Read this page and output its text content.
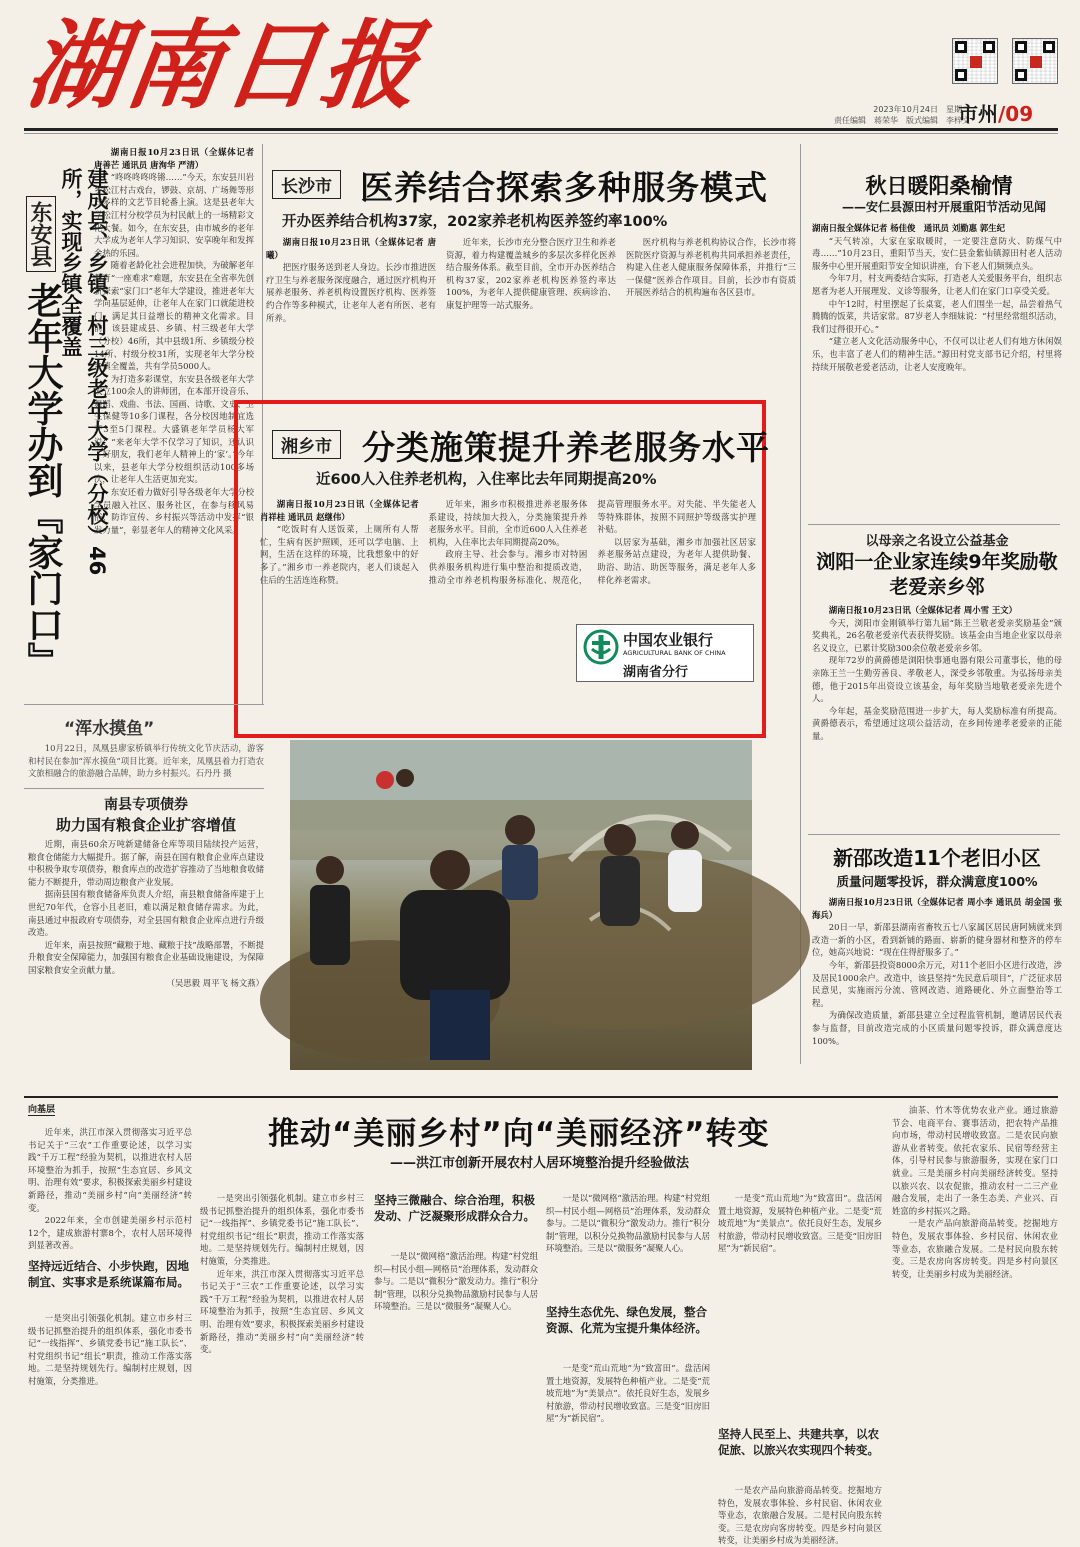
湖南日报	2023年10月24日　星期二
责任编辑　蒋荣华　版式编辑　李梓文
市州/09
建成县、乡镇、村三级老年大学（分校）46所，实现乡镇全覆盖
东安县
老年大学办到『家门口』

湖南日报10月23日讯（全媒体记者 唐善芒 通讯员 唐洵华 严清）

“咚咚咚咚咚锵……”今天，东安县川岩乡松江村古戏台，锣鼓、京胡、广场舞等形式多样的文艺节目轮番上演。这是县老年大学松江村分校学员为村民献上的一场精彩文化大餐。如今，在东安县，由市城乡的老年大学成为老年人学习知识、安享晚年和发挥余热的乐园。

随着老龄化社会进程加快，为破解老年教育“一座难求”难题，东安县在全省率先创新探索“家门口”老年大学建设，推进老年大学向基层延伸，让老年人在家门口就能进校门，满足其日益增长的精神文化需求。目前，该县建成县、乡镇、村三级老年大学（分校）46所，其中县级1所、乡镇级分校14所、村级分校31所，实现老年大学分校乡镇全覆盖，共有学员5000人。

为打造多彩课堂，东安县各级老年大学成立100余人的讲师团，在本部开设音乐、舞蹈、戏曲、书法、国画、诗歌、文史、卫生保健等10多门课程，各分校因地制宜选开3至5门课程。大盛镇老年学员杨大军说：“来老年大学不仅学习了知识，还认识了好朋友，我们老年人精神上的‘家’。”今年以来，县老年大学分校组织活动100多场次，让老年人生活更加充实。

东安还着力做好引导各级老年大学分校学员融入社区、服务社区，在参与移风易俗、防诈宣传、乡村振兴等活动中发挥“银发力量”，彰显老年人的精神文化风采。

长沙市 医养结合探索多种服务模式
开办医养结合机构37家，202家养老机构医养签约率100%

湖南日报10月23日讯（全媒体记者 唐曦）

把医疗服务送到老人身边。长沙市推进医疗卫生与养老服务深度融合，通过医疗机构开展养老服务、养老机构设置医疗机构、医养签约合作等多种模式，让老年人老有所医、老有所养。

近年来，长沙市充分整合医疗卫生和养老资源，着力构建覆盖城乡的多层次多样化医养结合服务体系。截至目前，全市开办医养结合机构37家，202家养老机构医养签约率达100%，为老年人提供健康管理、疾病诊治、康复护理等一站式服务。

医疗机构与养老机构协议合作，长沙市将医院医疗资源与养老机构共同承担养老责任，构建入住老人健康服务保障体系，并推行“三一保健”医养合作项目。目前，长沙市有资质开展医养结合的机构遍布各区县市。

湘乡市 分类施策提升养老服务水平
近600人入住养老机构，入住率比去年同期提高20%

湖南日报10月23日讯（全媒体记者 肖祥桂 通讯员 赵继伟）

“吃饭时有人送饭菜，上厕所有人帮忙，生病有医护照顾，还可以学电脑、上网，生活在这样的环境，比我想象中的好多了。”湘乡市一养老院内，老人们谈起入住后的生活连连称赞。

近年来，湘乡市积极推进养老服务体系建设，持续加大投入，分类施策提升养老服务水平。目前，全市近600人入住养老机构，入住率比去年同期提高20%。

政府主导、社会参与。湘乡市对特困供养服务机构进行集中整治和提质改造，推动全市养老机构服务标准化、规范化，提高管理服务水平。对失能、半失能老人等特殊群体，按照不同照护等级落实护理补贴。

以居家为基础，湘乡市加强社区居家养老服务站点建设，为老年人提供助餐、助浴、助洁、助医等服务，满足老年人多样化养老需求。

中国农业银行
AGRICULTURAL BANK OF CHINA
湖南省分行
“浑水摸鱼”

10月22日，凤凰县廖家桥镇举行传统文化节庆活动，游客和村民在参加“浑水摸鱼”项目比赛。近年来，凤凰县着力打造农文旅相融合的旅游融合品牌，助力乡村振兴。石丹丹 摄

南县专项债券
助力国有粮食企业扩容增值

近期，南县60余万吨新建储备仓库等项目陆续投产运营，粮食仓储能力大幅提升。据了解，南县在国有粮食企业库点建设中积极争取专项债券，粮食库点的改造扩容推动了当地粮食收储能力不断提升，带动周边粮食产业发展。

据南县国有粮食储备库负责人介绍，南县粮食储备库建于上世纪70年代，仓容小且老旧，难以满足粮食储存需求。为此，南县通过申报政府专项债券，对全县国有粮食企业库点进行升级改造。

近年来，南县按照“藏粮于地、藏粮于技”战略部署，不断提升粮食安全保障能力，加强国有粮食企业基础设施建设，为保障国家粮食安全贡献力量。

（吴思毅 周平飞 杨文燕）

秋日暖阳桑榆情
——安仁县源田村开展重阳节活动见闻

湖南日报全媒体记者 杨佳俊　通讯员 刘勤惠 郭生纪

“天气转凉，大家在家取暖时，一定要注意防火、防煤气中毒……”10月23日，重阳节当天，安仁县金紫仙镇源田村老人活动服务中心里开展重阳节安全知识讲座，台下老人们频频点头。

今年7月，村支两委结合实际，打造老人关爱服务平台，组织志愿者为老人开展理发、义诊等服务，让老人们在家门口享受关爱。

中午12时，村里摆起了长桌宴，老人们围坐一起，品尝着热气腾腾的饭菜，共话家常。87岁老人李细妹说：“村里经常组织活动，我们过得很开心。”

“建立老人文化活动服务中心，不仅可以让老人们有地方休闲娱乐，也丰富了老人们的精神生活。”源田村党支部书记介绍，村里将持续开展敬老爱老活动，让老人安度晚年。

以母亲之名设立公益基金
浏阳一企业家连续9年奖励敬老爱亲乡邻

湖南日报10月23日讯（全媒体记者 周小雪 王文）

今天，浏阳市金刚镇举行第九届“陈王兰敬老爱亲奖励基金”颁奖典礼，26名敬老爱亲代表获得奖励。该基金由当地企业家以母亲名义设立，已累计奖励300余位敬老爱亲乡邻。

现年72岁的黄爵德是浏阳快事通电器有限公司董事长，他的母亲陈王兰一生勤劳善良、孝敬老人，深受乡邻敬重。为弘扬母亲美德，他于2015年出资设立该基金，每年奖励当地敬老爱亲先进个人。

今年起，基金奖励范围进一步扩大，每人奖励标准有所提高。黄爵德表示，希望通过这项公益活动，在乡间传递孝老爱亲的正能量。

新邵改造11个老旧小区
质量问题零投诉，群众满意度100%

湖南日报10月23日讯（全媒体记者 周小李 通讯员 胡金国 张海兵）

20日一早，新邵县湖南省畜牧五七八家属区居民唐阿姨就来到改造一新的小区，看到新铺的路面、崭新的健身器材和整齐的停车位，她高兴地说：“现在住得舒服多了。”

今年，新邵县投资8000余万元，对11个老旧小区进行改造，涉及居民1000余户。改造中，该县坚持“先民意后项目”，广泛征求居民意见，实施雨污分流、管网改造、道路硬化、外立面整治等工程。

为确保改造质量，新邵县建立全过程监管机制，邀请居民代表参与监督，目前改造完成的小区质量问题零投诉，群众满意度达100%。

向基层
推动“美丽乡村”向“美丽经济”转变
——洪江市创新开展农村人居环境整治提升经验做法

近年来，洪江市深入贯彻落实习近平总书记关于“三农”工作重要论述，以学习实践“千万工程”经验为契机，以推进农村人居环境整治为抓手，按照“生态宜居、乡风文明、治理有效”要求，积极探索美丽乡村建设新路径，推动“美丽乡村”向“美丽经济”转变。

2022年来，全市创建美丽乡村示范村12个，建成旅游村寨8个，农村人居环境得到显著改善。

坚持远近结合、小步快跑，因地制宜、实事求是系统谋篇布局。

一是突出引领强化机制。建立市乡村三级书记抓整治提升的组织体系，强化市委书记“一线指挥”、乡镇党委书记“施工队长”、村党组织书记“组长”职责，推动工作落实落地。二是坚持规划先行。编制村庄规划，因村施策，分类推进。

一是突出引领强化机制。建立市乡村三级书记抓整治提升的组织体系，强化市委书记“一线指挥”、乡镇党委书记“施工队长”、村党组织书记“组长”职责，推动工作落实落地。二是坚持规划先行。编制村庄规划，因村施策，分类推进。

近年来，洪江市深入贯彻落实习近平总书记关于“三农”工作重要论述，以学习实践“千万工程”经验为契机，以推进农村人居环境整治为抓手，按照“生态宜居、乡风文明、治理有效”要求，积极探索美丽乡村建设新路径，推动“美丽乡村”向“美丽经济”转变。

坚持三微融合、综合治理，积极发动、广泛凝聚形成群众合力。

一是以“微网格”激活治理。构建“村党组织—村民小组—网格员”治理体系，发动群众参与。二是以“微积分”激发动力。推行“积分制”管理，以积分兑换物品激励村民参与人居环境整治。三是以“微服务”凝聚人心。

一是以“微网格”激活治理。构建“村党组织—村民小组—网格员”治理体系，发动群众参与。二是以“微积分”激发动力。推行“积分制”管理，以积分兑换物品激励村民参与人居环境整治。三是以“微服务”凝聚人心。

坚持生态优先、绿色发展，整合资源、化荒为宝提升集体经济。

一是变“荒山荒地”为“致富田”。盘活闲置土地资源，发展特色种植产业。二是变“荒坡荒地”为“美景点”。依托良好生态，发展乡村旅游，带动村民增收致富。三是变“旧房旧屋”为“新民宿”。

一是变“荒山荒地”为“致富田”。盘活闲置土地资源，发展特色种植产业。二是变“荒坡荒地”为“美景点”。依托良好生态，发展乡村旅游，带动村民增收致富。三是变“旧房旧屋”为“新民宿”。

坚持人民至上、共建共享，以农促旅、以旅兴农实现四个转变。

一是农产品向旅游商品转变。挖掘地方特色，发展农事体验、乡村民宿、休闲农业等业态，农旅融合发展。二是村民向股东转变。三是农房向客房转变。四是乡村向景区转变，让美丽乡村成为美丽经济。

油茶、竹木等优势农业产业。通过旅游节会、电商平台、赛事活动，把农特产品推向市场，带动村民增收致富。二是农民向旅游从业者转变。依托农家乐、民宿等经营主体，引导村民参与旅游服务，实现在家门口就业。三是美丽乡村向美丽经济转变。坚持以旅兴农、以农促旅，推动农村一二三产业融合发展，走出了一条生态美、产业兴、百姓富的乡村振兴之路。

一是农产品向旅游商品转变。挖掘地方特色，发展农事体验、乡村民宿、休闲农业等业态，农旅融合发展。二是村民向股东转变。三是农房向客房转变。四是乡村向景区转变，让美丽乡村成为美丽经济。
